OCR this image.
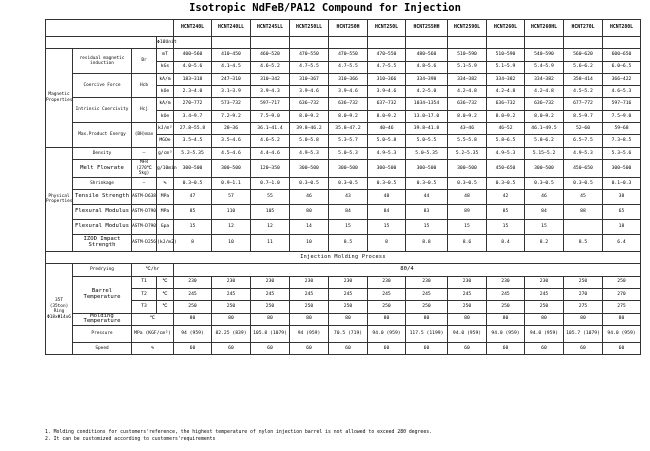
Isotropic NdFeB/PA12 Compound for Injection
				HCNT240L	HCNT240LL	HCNT245LL	HCNT250LL	HCNT250H	HCNT250L	HCNT255HH	HCNT2590L	HCNT260L	HCNT260HL	HCNT270L	HCNT280L
			Φ10Unit												
Magnetic Properties	residual magnetic induction	Br	mT	400–560	410–450	460–520	470–550	470–550	470–550	480–560	510–590	510–590	540–590	560–620	600–650
			kGs	4.0–5.6	4.1–4.5	4.6–5.2	4.7–5.5	4.7–5.5	4.7–5.5	4.8–5.6	5.1–5.9	5.1–5.9	5.4–5.9	5.6–6.2	6.0–6.5
	Coercive Force	Hcb	kA/m	183–318	247–310	310–342	310–367	310–366	310–366	334–398	334–382	334–382	334–382	358–414	366–422
			kOe	2.3–4.0	3.1–3.9	3.9–4.3	3.9–4.6	3.9–4.6	3.9–4.6	4.2–5.0	4.2–4.8	4.2–4.8	4.2–4.8	4.5–5.2	4.6–5.3
	Intrinsic Coercivity	Hcj	kA/m	270–772	573–732	597–717	636–732	636–732	637–732	1034–1354	636–732	636–732	636–732	677–772	597–716
			kOe	3.4–9.7	7.2–9.2	7.5–9.0	8.0–9.2	8.0–9.2	8.0–9.2	13.0–17.0	8.0–9.2	8.0–9.2	8.0–9.2	8.5–9.7	7.5–9.0
	Max.Product Energy	(BH)max	kJ/m³	27.8–55.8	28–36	36.1–41.4	39.8–46.2	35.8–47.2	40–46	39.8–41.8	43–46	46–52	46.1–49.5	52–60	59–68
			MGOe	3.5–4.5	3.5–4.6	4.6–5.2	5.0–5.8	5.3–5.7	5.0–5.8	5.0–5.5	5.5–5.8	5.8–6.5	5.8–6.2	6.5–7.5	7.3–8.5
Physical Properties	Density	—	g/cm³	5.2–5.35	4.5–4.6	4.4–4.6	4.9–5.3	5.0–5.3	4.9–5.3	5.0–5.35	5.2–5.35	4.9–5.3	5.15–5.2	4.9–5.3	5.3–5.6
	Melt Flowrate	MFR (270℃ 5kg)	g/10min	300–500	300–500	120–350	300–500	300–500	300–500	300–500	300–500	450–650	300–500	450–650	300–500
	Shrinkage	—	%	0.3–0.5	0.9–1.1	0.7–1.0	0.3–0.5	0.3–0.5	0.3–0.5	0.3–0.5	0.3–0.5	0.3–0.5	0.3–0.5	0.3–0.5	0.1–0.3
	Tensile Strength	ASTM-D638	MPa	47	57	55	46	43	48	44	48	42	46	45	38
	Flexural Modulus	ASTM-D790	MPa	85	110	105	80	84	84	83	89	85	84	88	65
	Flexural Modulus	ASTM-D790	Gpa	15	12	12	14	15	15	15	15	15	15		18
	IZOD Impact Strength	ASTM-D256	(kJ/m2)	8	10	11	10	8.5	8	8.8	8.6	8.4	8.2	8.5	6.4
Injection Molding Process															
35T (35ton) Ring Φ18xΦ14x6	Predrying	℃/hr		80/4											
	Barrel Temperature	T1	℃	230	230	230	230	230	230	230	230	230	230	250	250
		T2	℃	245	245	245	245	245	245	245	245	245	245	270	270
		T3	℃	250	250	250	250	250	250	250	250	250	250	275	275
	Molding Temperature	℃		80	80	80	80	80	80	80	80	80	80	80	80
	Pressure	MPa (KGF/cm²)		94 (959)	82.25 (839)	105.8 (1079)	94 (959)	70.5 (719)	94.0 (959)	117.5 (1199)	94.0 (959)	94.0 (959)	94.0 (959)	105.7 (1079)	94.0 (959)
	Speed	%		60	60	60	60	60	60	60	60	60	60	60	60
1. Molding conditions for customers'reference, the highest temperature of nylon injection barrel is not allowed to exceed 280 degrees.
2. It can be customized according to customers'requirements
